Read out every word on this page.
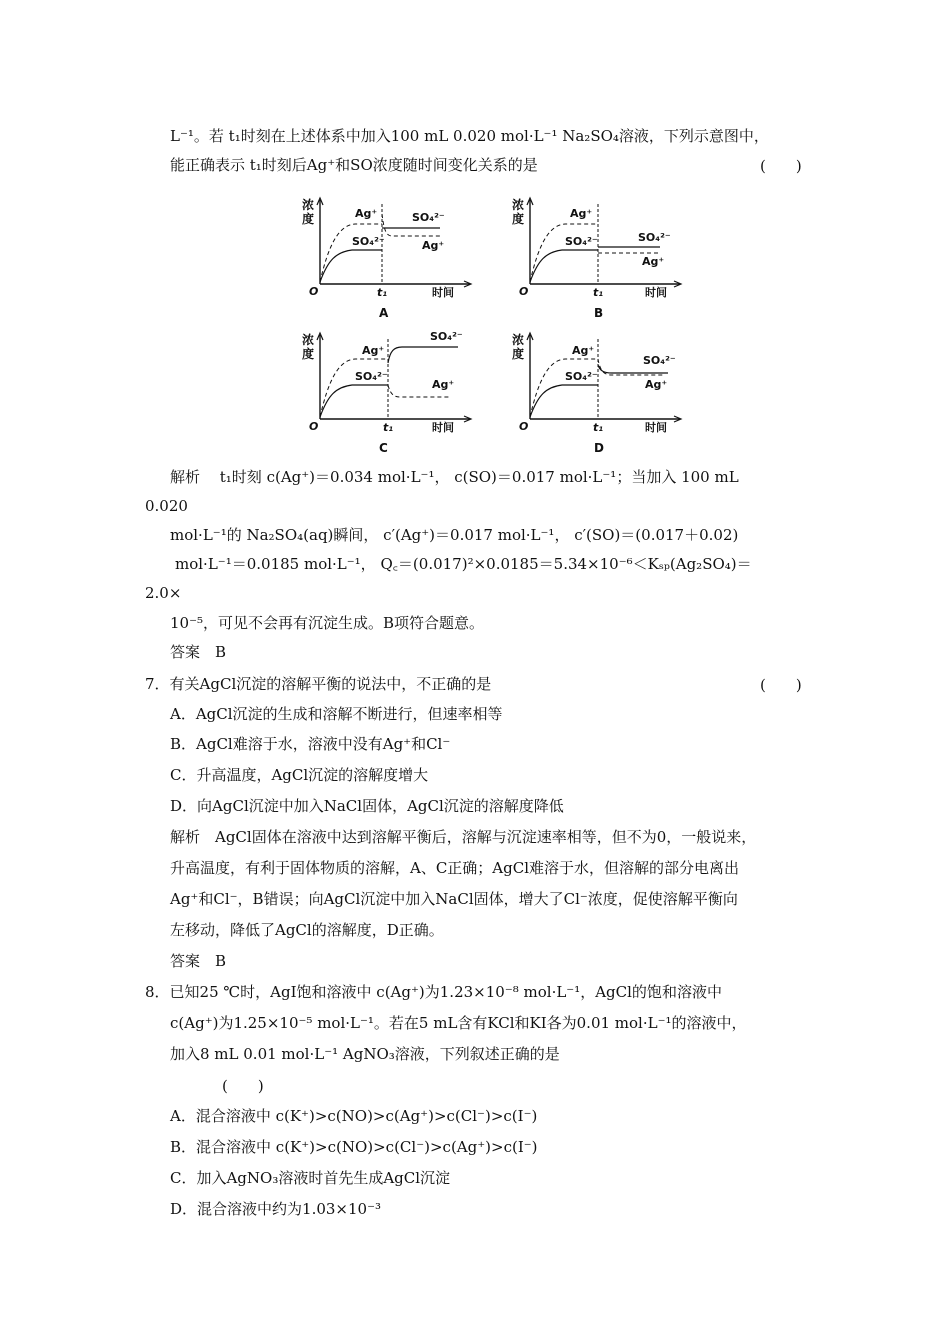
L⁻¹。若 t₁时刻在上述体系中加入100 mL 0.020 mol·L⁻¹ Na₂SO₄溶液，下列示意图中，
能正确表示 t₁时刻后Ag⁺和SO浓度随时间变化关系的是	(　　)
浓度	Ag⁺
SO₄²⁻
SO₄²⁻
Ag⁺
O	t₁	时间
A
浓度	Ag⁺
SO₄²⁻	SO₄²⁻
Ag⁺
O	t₁	时间
B
浓度	Ag⁺
SO₄²⁻
SO₄²⁻
Ag⁺
O	t₁	时间
C
浓度	Ag⁺
SO₄²⁻
SO₄²⁻
Ag⁺
O	t₁	时间
D
解析　 t₁时刻 c(Ag⁺)＝0.034 mol·L⁻¹， c(SO)＝0.017 mol·L⁻¹；当加入 100 mL
0.020
mol·L⁻¹的 Na₂SO₄(aq)瞬间， c′(Ag⁺)＝0.017 mol·L⁻¹， c′(SO)＝(0.017＋0.02)
mol·L⁻¹＝0.0185 mol·L⁻¹， Q꜀＝(0.017)²×0.0185＝5.34×10⁻⁶＜Kₛₚ(Ag₂SO₄)＝
2.0×
10⁻⁵，可见不会再有沉淀生成。B项符合题意。
答案　B
7．有关AgCl沉淀的溶解平衡的说法中，不正确的是	(　　)
A．AgCl沉淀的生成和溶解不断进行，但速率相等
B．AgCl难溶于水，溶液中没有Ag⁺和Cl⁻
C．升高温度，AgCl沉淀的溶解度增大
D．向AgCl沉淀中加入NaCl固体，AgCl沉淀的溶解度降低
解析　AgCl固体在溶液中达到溶解平衡后，溶解与沉淀速率相等，但不为0，一般说来，
升高温度，有利于固体物质的溶解，A、C正确；AgCl难溶于水，但溶解的部分电离出
Ag⁺和Cl⁻，B错误；向AgCl沉淀中加入NaCl固体，增大了Cl⁻浓度，促使溶解平衡向
左移动，降低了AgCl的溶解度，D正确。
答案　B
8．已知25 ℃时，AgI饱和溶液中 c(Ag⁺)为1.23×10⁻⁸ mol·L⁻¹，AgCl的饱和溶液中
c(Ag⁺)为1.25×10⁻⁵ mol·L⁻¹。若在5 mL含有KCl和KI各为0.01 mol·L⁻¹的溶液中，
加入8 mL 0.01 mol·L⁻¹ AgNO₃溶液，下列叙述正确的是
(　　)
A．混合溶液中 c(K⁺)>c(NO)>c(Ag⁺)>c(Cl⁻)>c(I⁻)
B．混合溶液中 c(K⁺)>c(NO)>c(Cl⁻)>c(Ag⁺)>c(I⁻)
C．加入AgNO₃溶液时首先生成AgCl沉淀
D．混合溶液中约为1.03×10⁻³
